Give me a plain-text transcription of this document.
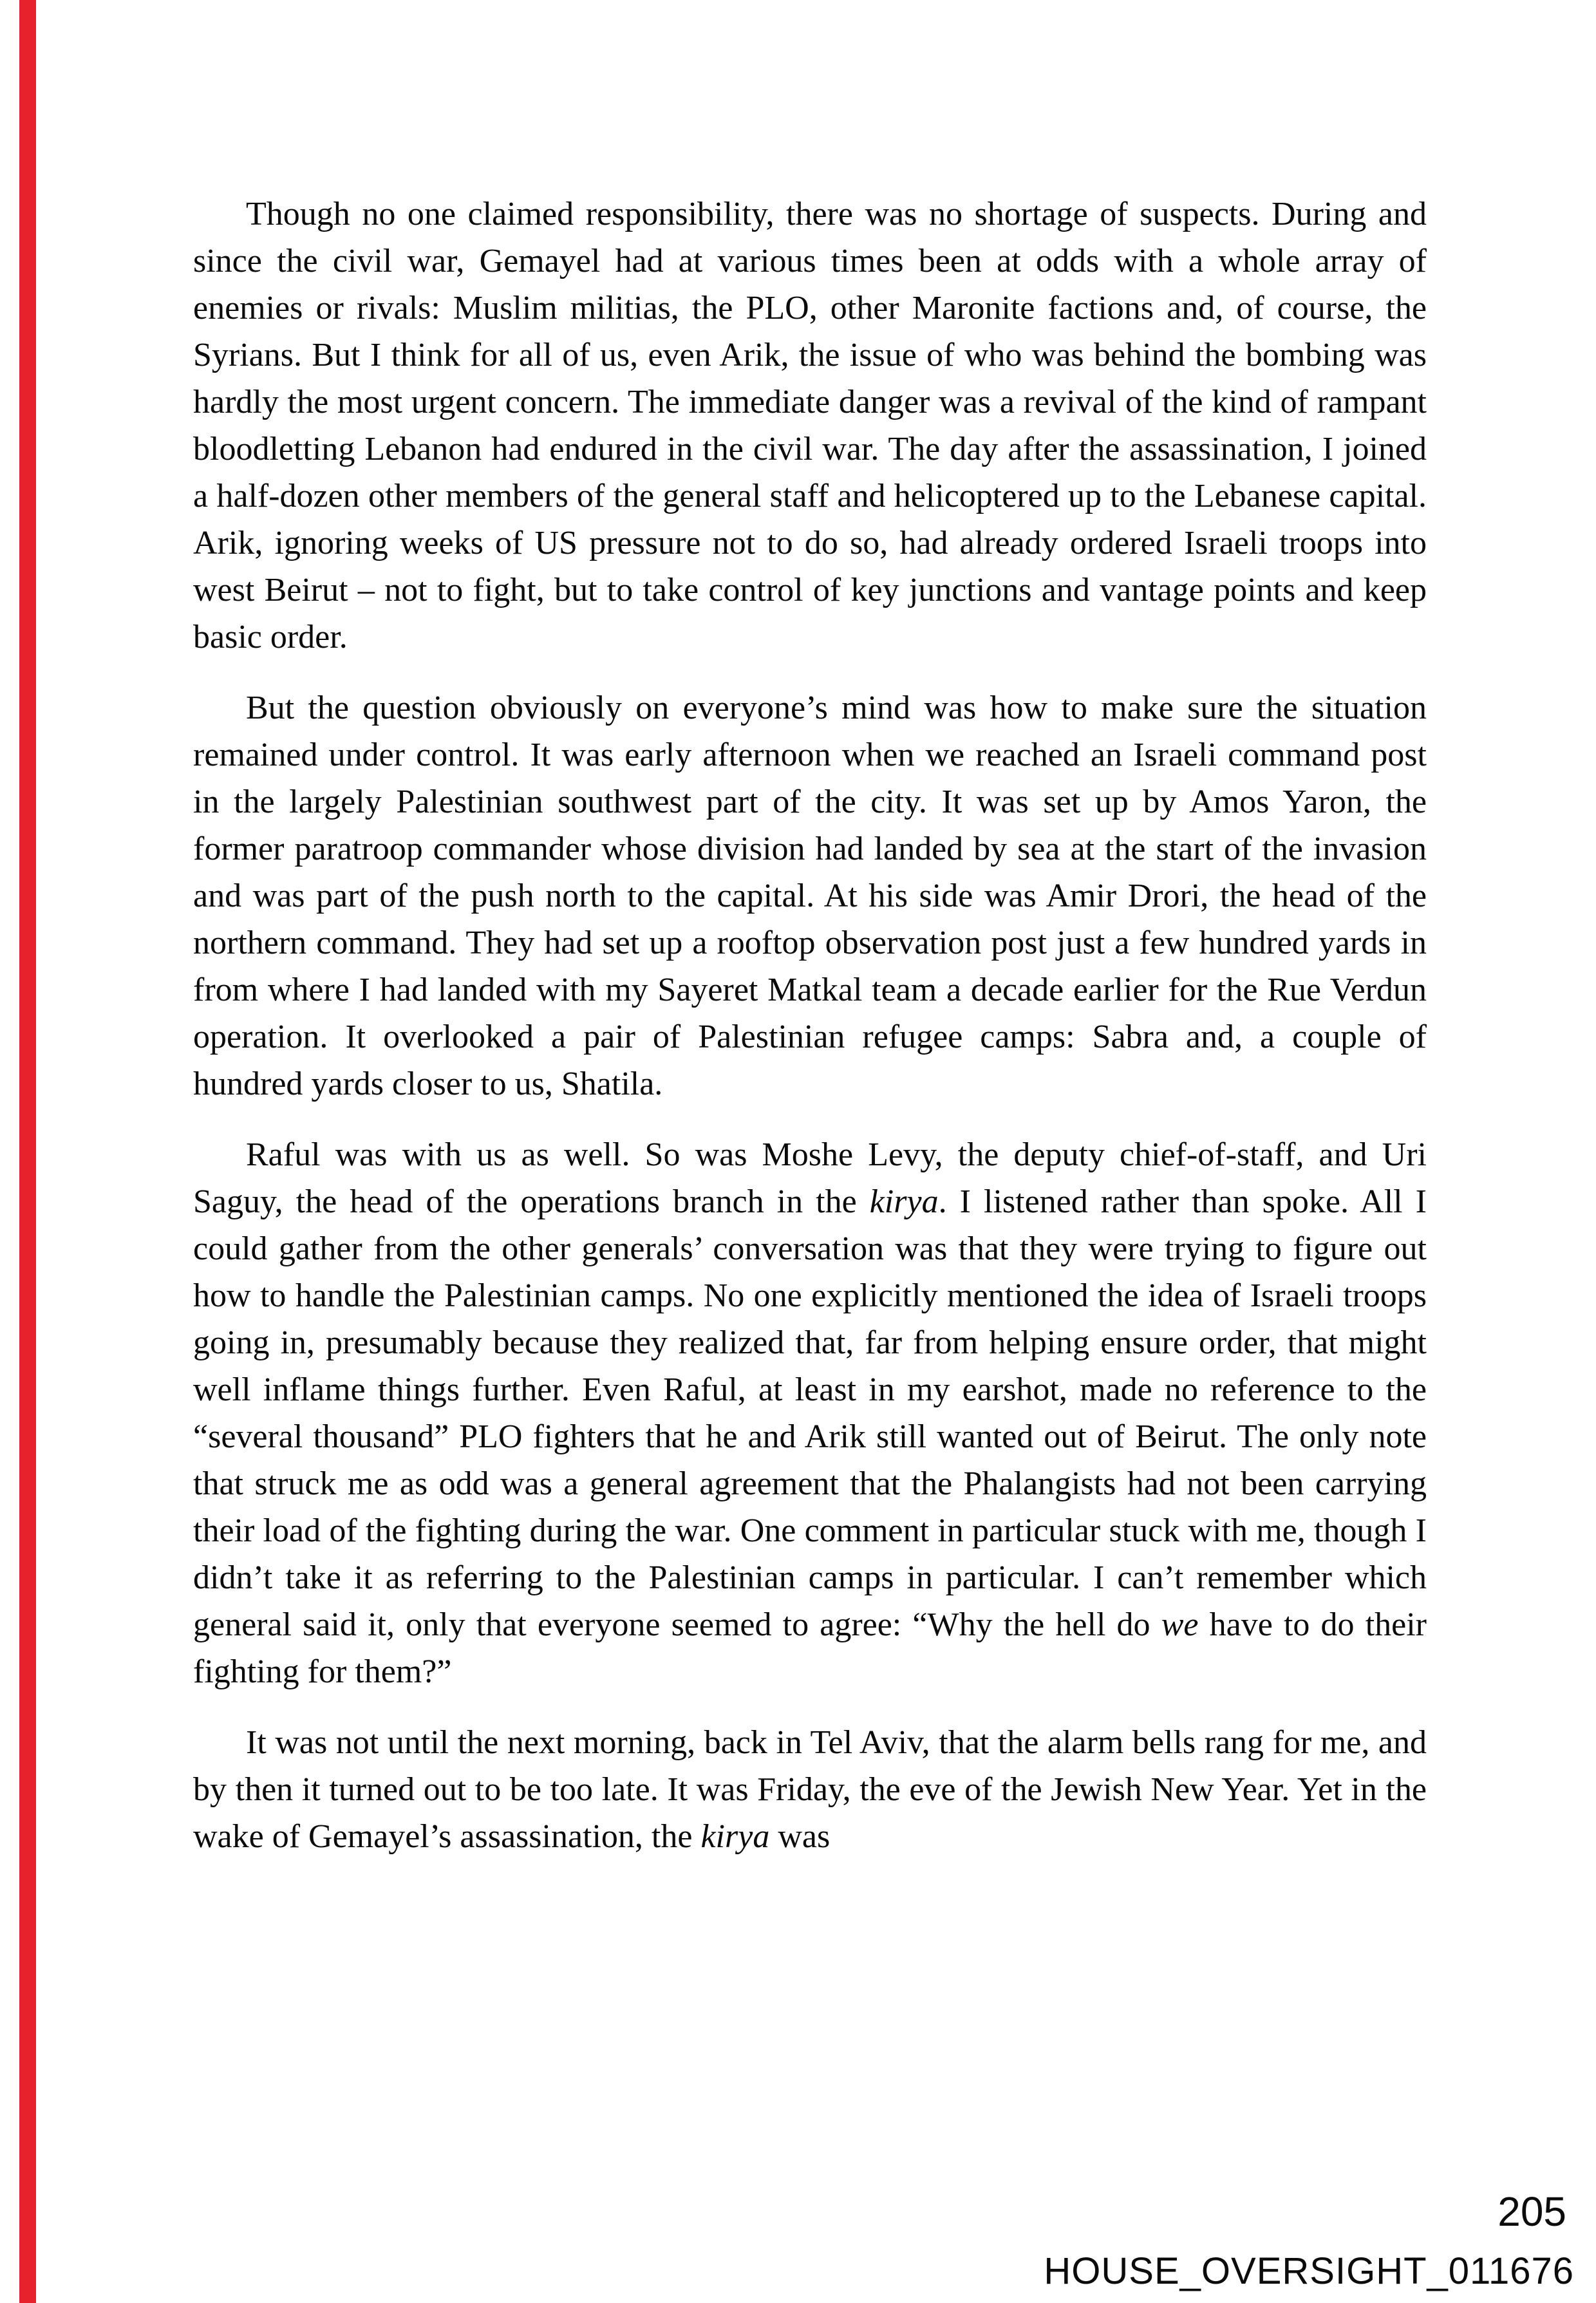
Though no one claimed responsibility, there was no shortage of suspects. During and since the civil war, Gemayel had at various times been at odds with a whole array of enemies or rivals: Muslim militias, the PLO, other Maronite factions and, of course, the Syrians. But I think for all of us, even Arik, the issue of who was behind the bombing was hardly the most urgent concern. The immediate danger was a revival of the kind of rampant bloodletting Lebanon had endured in the civil war. The day after the assassination, I joined a half-dozen other members of the general staff and helicoptered up to the Lebanese capital. Arik, ignoring weeks of US pressure not to do so, had already ordered Israeli troops into west Beirut – not to fight, but to take control of key junctions and vantage points and keep basic order.

But the question obviously on everyone’s mind was how to make sure the situation remained under control. It was early afternoon when we reached an Israeli command post in the largely Palestinian southwest part of the city. It was set up by Amos Yaron, the former paratroop commander whose division had landed by sea at the start of the invasion and was part of the push north to the capital. At his side was Amir Drori, the head of the northern command. They had set up a rooftop observation post just a few hundred yards in from where I had landed with my Sayeret Matkal team a decade earlier for the Rue Verdun operation. It overlooked a pair of Palestinian refugee camps: Sabra and, a couple of hundred yards closer to us, Shatila.

Raful was with us as well. So was Moshe Levy, the deputy chief-of-staff, and Uri Saguy, the head of the operations branch in the kirya. I listened rather than spoke. All I could gather from the other generals’ conversation was that they were trying to figure out how to handle the Palestinian camps. No one explicitly mentioned the idea of Israeli troops going in, presumably because they realized that, far from helping ensure order, that might well inflame things further. Even Raful, at least in my earshot, made no reference to the “several thousand” PLO fighters that he and Arik still wanted out of Beirut. The only note that struck me as odd was a general agreement that the Phalangists had not been carrying their load of the fighting during the war. One comment in particular stuck with me, though I didn’t take it as referring to the Palestinian camps in particular. I can’t remember which general said it, only that everyone seemed to agree: “Why the hell do we have to do their fighting for them?”

It was not until the next morning, back in Tel Aviv, that the alarm bells rang for me, and by then it turned out to be too late. It was Friday, the eve of the Jewish New Year. Yet in the wake of Gemayel’s assassination, the kirya was

205
HOUSE_OVERSIGHT_011676
